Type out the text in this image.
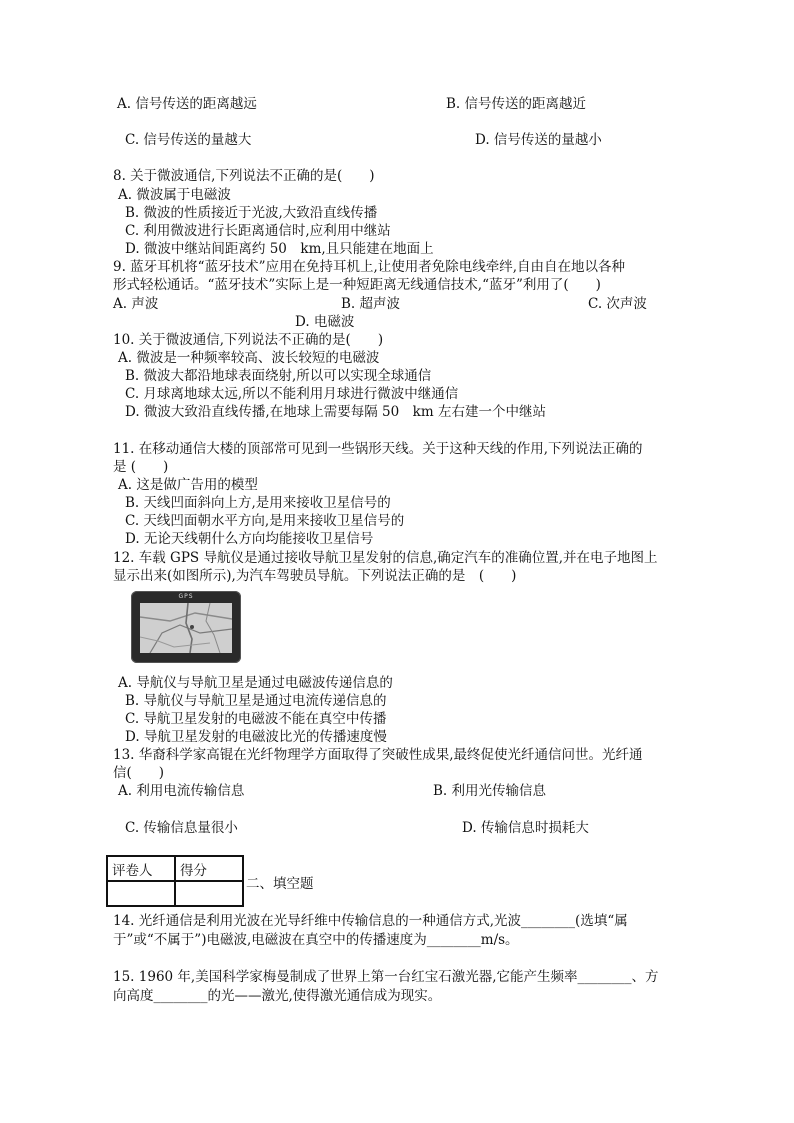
A. 信号传送的距离越远	B. 信号传送的距离越近
C. 信号传送的量越大	D. 信号传送的量越小
8. 关于微波通信,下列说法不正确的是(　　)
A. 微波属于电磁波
B. 微波的性质接近于光波,大致沿直线传播
C. 利用微波进行长距离通信时,应利用中继站
D. 微波中继站间距离约 50　km,且只能建在地面上
9. 蓝牙耳机将“蓝牙技术”应用在免持耳机上,让使用者免除电线牵绊,自由自在地以各种
形式轻松通话。“蓝牙技术”实际上是一种短距离无线通信技术,“蓝牙”利用了(　　)
A. 声波	B. 超声波	C. 次声波
D. 电磁波
10. 关于微波通信,下列说法不正确的是(　　)
A. 微波是一种频率较高、波长较短的电磁波
B. 微波大都沿地球表面绕射,所以可以实现全球通信
C. 月球离地球太远,所以不能利用月球进行微波中继通信
D. 微波大致沿直线传播,在地球上需要每隔 50　km 左右建一个中继站
11. 在移动通信大楼的顶部常可见到一些锅形天线。关于这种天线的作用,下列说法正确的
是 (　　)
A. 这是做广告用的模型
B. 天线凹面斜向上方,是用来接收卫星信号的
C. 天线凹面朝水平方向,是用来接收卫星信号的
D. 无论天线朝什么方向均能接收卫星信号
12. 车载 GPS 导航仪是通过接收导航卫星发射的信息,确定汽车的准确位置,并在电子地图上
显示出来(如图所示),为汽车驾驶员导航。下列说法正确的是　(　　)
GPS
A. 导航仪与导航卫星是通过电磁波传递信息的
B. 导航仪与导航卫星是通过电流传递信息的
C. 导航卫星发射的电磁波不能在真空中传播
D. 导航卫星发射的电磁波比光的传播速度慢
13. 华裔科学家高锟在光纤物理学方面取得了突破性成果,最终促使光纤通信问世。光纤通
信(　　)
A. 利用电流传输信息	B. 利用光传输信息
C. 传输信息量很小	D. 传输信息时损耗大
评卷人	得分

二、填空题
14. 光纤通信是利用光波在光导纤维中传输信息的一种通信方式,光波________(选填“属
于”或“不属于”)电磁波,电磁波在真空中的传播速度为________m/s。
15. 1960 年,美国科学家梅曼制成了世界上第一台红宝石激光器,它能产生频率________、方
向高度________的光——激光,使得激光通信成为现实。
